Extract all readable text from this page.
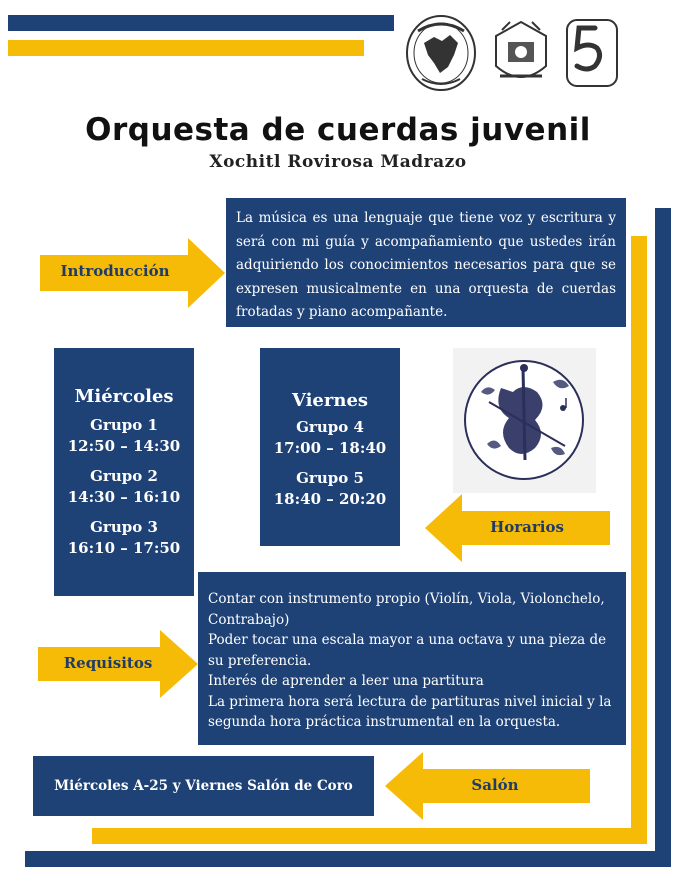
Orquesta de cuerdas juvenil
Xochitl Rovirosa Madrazo
Introducción
La música es una lenguaje que tiene voz y escritura y será con mi guía y acompañamiento que ustedes irán adquiriendo los conocimientos necesarios para que se expresen musicalmente en una orquesta de cuerdas frotadas y piano acompañante.
Miércoles
Grupo 1
12:50 – 14:30
Grupo 2
14:30 – 16:10
Grupo 3
16:10 – 17:50
Viernes
Grupo 4
17:00 – 18:40
Grupo 5
18:40 – 20:20
Horarios
Requisitos
Contar con instrumento propio (Violín, Viola, Violonchelo, Contrabajo)
Poder tocar una escala mayor a una octava y una pieza de su preferencia.
Interés de aprender a leer una partitura
La primera hora será lectura de partituras nivel inicial y la segunda hora práctica instrumental en la orquesta.
Miércoles A-25 y Viernes Salón de Coro	Salón
